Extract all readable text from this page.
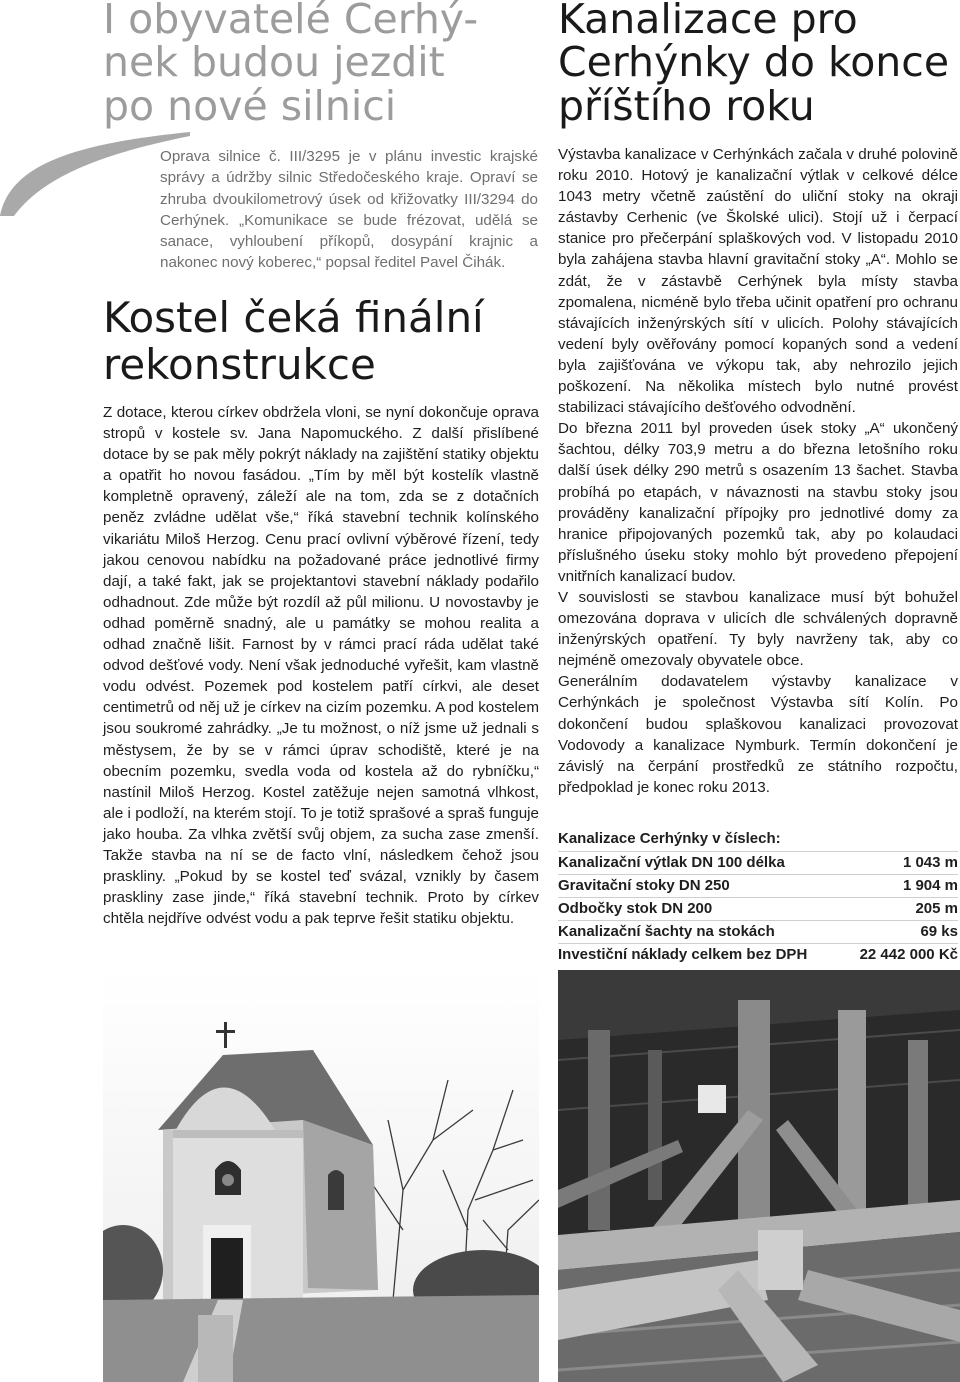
I obyvatelé Cerhý-
nek budou jezdit
po nové silnici

Oprava silnice č. III/3295 je v plánu investic krajské správy a údržby silnic Středočeského kraje. Opraví se zhruba dvoukilometrový úsek od křižovatky III/3294 do Cerhýnek. „Komunikace se bude frézovat, udělá se sanace, vyhloubení příkopů, dosypání krajnic a nakonec nový koberec,“ popsal ředitel Pavel Čihák.

Kostel čeká finální
rekonstrukce

Z dotace, kterou církev obdržela vloni, se nyní dokončuje oprava stropů v kostele sv. Jana Napomuckého. Z další přislíbené dotace by se pak měly pokrýt náklady na zajištění statiky objektu a opatřit ho novou fasádou. „Tím by měl být kostelík vlastně kompletně opravený, záleží ale na tom, zda se z dotačních peněz zvládne udělat vše,“ říká stavební technik kolínského vikariátu Miloš Herzog. Cenu prací ovlivní výběrové řízení, tedy jakou cenovou nabídku na požadované práce jednotlivé firmy dají, a také fakt, jak se projektantovi stavební náklady podařilo odhadnout. Zde může být rozdíl až půl milionu. U novostavby je odhad poměrně snadný, ale u památky se mohou realita a odhad značně lišit. Farnost by v rámci prací ráda udělat také odvod dešťové vody. Není však jednoduché vyřešit, kam vlastně vodu odvést. Pozemek pod kostelem patří církvi, ale deset centimetrů od něj už je církev na cizím pozemku. A pod kostelem jsou soukromé zahrádky. „Je tu možnost, o níž jsme už jednali s městysem, že by se v rámci úprav schodiště, které je na obecním pozemku, svedla voda od kostela až do rybníčku,“ nastínil Miloš Herzog. Kostel zatěžuje nejen samotná vlhkost, ale i podloží, na kterém stojí. To je totiž sprašové a spraš funguje jako houba. Za vlhka zvětší svůj objem, za sucha zase zmenší. Takže stavba na ní se de facto vlní, následkem čehož jsou praskliny. „Pokud by se kostel teď svázal, vznikly by časem praskliny zase jinde,“ říká stavební technik. Proto by církev chtěla nejdříve odvést vodu a pak teprve řešit statiku objektu.

Kanalizace pro
Cerhýnky do konce
příštího roku

Výstavba kanalizace v Cerhýnkách začala v druhé polovině roku 2010. Hotový je kanalizační výtlak v celkové délce 1043 metry včetně zaústění do uliční stoky na okraji zástavby Cerhenic (ve Školské ulici). Stojí už i čerpací stanice pro přečerpání splaškových vod. V listopadu 2010 byla zahájena stavba hlavní gravitační stoky „A“. Mohlo se zdát, že v zástavbě Cerhýnek byla místy stavba zpomalena, nicméně bylo třeba učinit opatření pro ochranu stávajících inženýrských sítí v ulicích. Polohy stávajících vedení byly ověřovány pomocí kopaných sond a vedení byla zajišťována ve výkopu tak, aby nehrozilo jejich poškození. Na několika místech bylo nutné provést stabilizaci stávajícího dešťového odvodnění.

Do března 2011 byl proveden úsek stoky „A“ ukončený šachtou, délky 703,9 metru a do března letošního roku další úsek délky 290 metrů s osazením 13 šachet. Stavba probíhá po etapách, v návaznosti na stavbu stoky jsou prováděny kanalizační přípojky pro jednotlivé domy za hranice připojovaných pozemků tak, aby po kolaudaci příslušného úseku stoky mohlo být provedeno přepojení vnitřních kanalizací budov.

V souvislosti se stavbou kanalizace musí být bohužel omezována doprava v ulicích dle schválených dopravně inženýrských opatření. Ty byly navrženy tak, aby co nejméně omezovaly obyvatele obce.

Generálním dodavatelem výstavby kanalizace v Cerhýnkách je společnost Výstavba sítí Kolín. Po dokončení budou splaškovou kanalizaci provozovat Vodovody a kanalizace Nymburk. Termín dokončení je závislý na čerpání prostředků ze státního rozpočtu, předpoklad je konec roku 2013.

Kanalizace Cerhýnky v číslech:
Kanalizační výtlak DN 100 délka	1 043 m
Gravitační stoky DN 250	1 904 m
Odbočky stok DN 200	205 m
Kanalizační šachty na stokách	69 ks
Investiční náklady celkem bez DPH	22 442 000 Kč
